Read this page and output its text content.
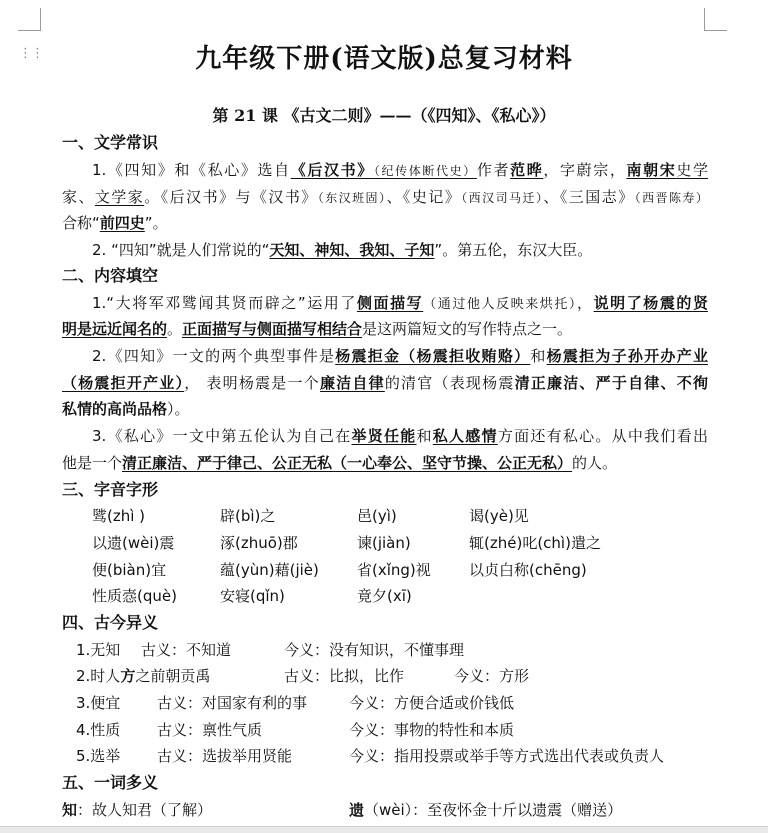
⋮⋮	九年级下册(语文版)总复习材料
第 21 课 《古文二则》——（《四知》、《私心》）
一、文学常识
1.《四知》和《私心》选自《后汉书》（纪传体断代史）作者范晔，字蔚宗，南朝宋史学
家、文学家。《后汉书》与《汉书》（东汉班固）、《史记》（西汉司马迁）、《三国志》（西晋陈寿）
合称“前四史”。
2. “四知”就是人们常说的“天知、神知、我知、子知”。第五伦，东汉大臣。
二、内容填空
1.“大将军邓骘闻其贤而辟之”运用了侧面描写（通过他人反映来烘托），说明了杨震的贤
明是远近闻名的。正面描写与侧面描写相结合是这两篇短文的写作特点之一。
2.《四知》一文的两个典型事件是杨震拒金（杨震拒收贿赂）和杨震拒为子孙开办产业
（杨震拒开产业）， 表明杨震是一个廉洁自律的清官（表现杨震清正廉洁、严于自律、不徇
私情的高尚品格）。
3.《私心》一文中第五伦认为自己在举贤任能和私人感情方面还有私心。从中我们看出
他是一个清正廉洁、严于律己、公正无私（一心奉公、坚守节操、公正无私）的人。
三、字音字形
骘(zhì )	辟(bì)之	邑(yì)	谒(yè)见
以遗(wèi)震	涿(zhuō)郡	谏(jiàn)	辄(zhé)叱(chì)遣之
便(biàn)宜	蕴(yùn)藉(jiè)	省(xǐng)视	以贞白称(chēng)
性质悫(què)	安寝(qǐn)	竟夕(xī)
四、古今异义
1.无知 古义：不知道	今义：没有知识，不懂事理
2.时人方之前朝贡禹	古义：比拟，比作	今义：方形
3.便宜 古义：对国家有利的事	今义：方便合适或价钱低
4.性质 古义：禀性气质	今义：事物的特性和本质
5.选举 古义：选拔举用贤能	今义：指用投票或举手等方式选出代表或负责人
五、一词多义
知：故人知君（了解）	遗（wèi）：至夜怀金十斤以遗震（赠送）
